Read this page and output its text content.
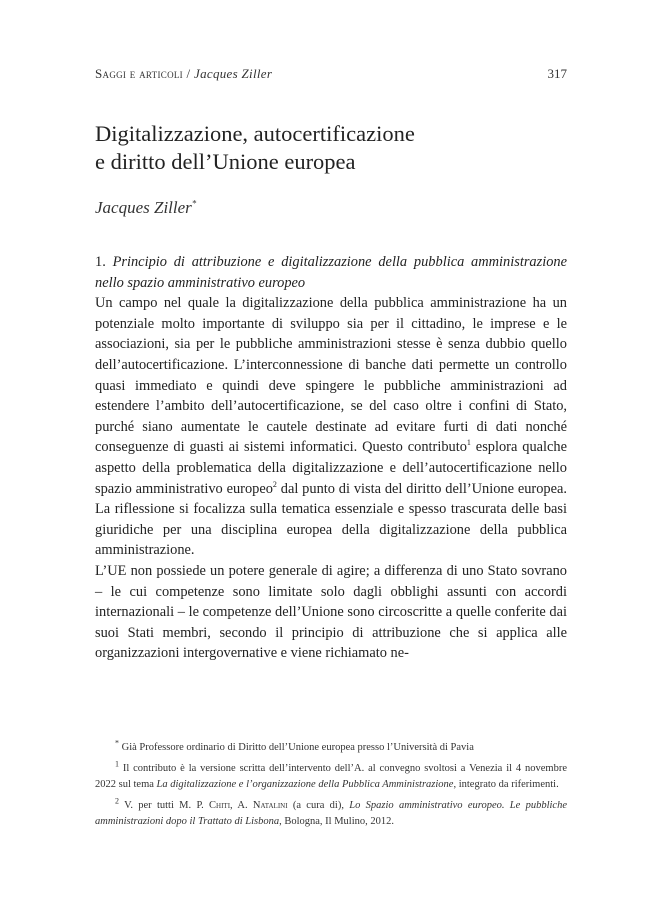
Saggi e articoli / Jacques Ziller	317
Digitalizzazione, autocertificazione
e diritto dell’Unione europea
Jacques Ziller*

1. Principio di attribuzione e digitalizzazione della pubblica amministrazione nello spazio amministrativo europeo

Un campo nel quale la digitalizzazione della pubblica amministrazione ha un potenziale molto importante di sviluppo sia per il cittadino, le imprese e le associazioni, sia per le pubbliche amministrazioni stesse è senza dubbio quello dell’autocertificazione. L’interconnessione di banche dati permette un controllo quasi immediato e quindi deve spingere le pubbliche amministrazioni ad estendere l’ambito dell’autocertificazione, se del caso oltre i confini di Stato, purché siano aumentate le cautele destinate ad evitare furti di dati nonché conseguenze di guasti ai sistemi informatici. Questo contributo$^1$ esplora qualche aspetto della problematica della digitalizzazione e dell’autocertificazione nello spazio amministrativo europeo$^2$ dal punto di vista del diritto dell’Unione europea. La riflessione si focalizza sulla tematica essenziale e spesso trascurata delle basi giuridiche per una disciplina europea della digitalizzazione della pubblica amministrazione.

L’UE non possiede un potere generale di agire; a differenza di uno Stato sovrano – le cui competenze sono limitate solo dagli obblighi assunti con accordi internazionali – le competenze dell’Unione sono circoscritte a quelle conferite dai suoi Stati membri, secondo il principio di attribuzione che si applica alle organizzazioni intergovernative e viene richiamato ne-

* Già Professore ordinario di Diritto dell’Unione europea presso l’Università di Pavia

$^1$ Il contributo è la versione scritta dell’intervento dell’A. al convegno svoltosi a Venezia il 4 novembre 2022 sul tema La digitalizzazione e l’organizzazione della Pubblica Amministrazione, integrato da riferimenti.

$^2$ V. per tutti M. P. Chiti, A. Natalini (a cura di), Lo Spazio amministrativo europeo. Le pubbliche amministrazioni dopo il Trattato di Lisbona, Bologna, Il Mulino, 2012.
